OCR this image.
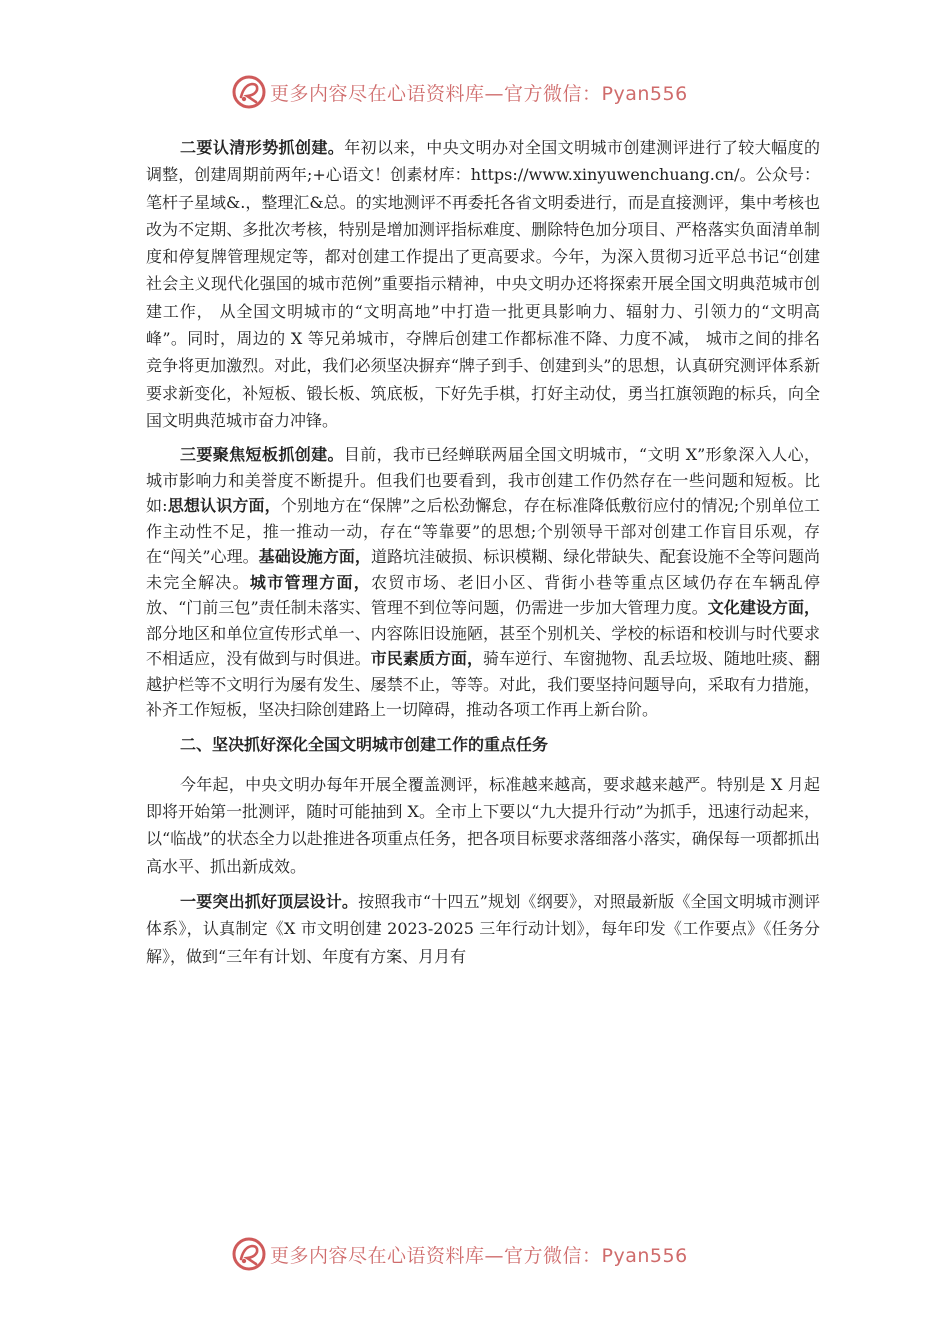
更多内容尽在心语资料库—官方微信：Pyan556

二要认清形势抓创建。年初以来，中央文明办对全国文明城市创建测评进行了较大幅度的调整，创建周期前两年;+心语文！创素材库：https://www.xinyuwenchuang.cn/。公众号：笔杆子星域&.，整理汇&总。的实地测评不再委托各省文明委进行，而是直接测评，集中考核也改为不定期、多批次考核，特别是增加测评指标难度、删除特色加分项目、严格落实负面清单制度和停复牌管理规定等，都对创建工作提出了更高要求。今年，为深入贯彻习近平总书记“创建社会主义现代化强国的城市范例”重要指示精神，中央文明办还将探索开展全国文明典范城市创建工作， 从全国文明城市的“文明高地”中打造一批更具影响力、辐射力、引领力的“文明高峰”。同时，周边的 X 等兄弟城市，夺牌后创建工作都标准不降、力度不减， 城市之间的排名竞争将更加激烈。对此，我们必须坚决摒弃“牌子到手、创建到头”的思想，认真研究测评体系新要求新变化，补短板、锻长板、筑底板，下好先手棋，打好主动仗，勇当扛旗领跑的标兵，向全国文明典范城市奋力冲锋。

三要聚焦短板抓创建。目前，我市已经蝉联两届全国文明城市，“文明 X”形象深入人心，城市影响力和美誉度不断提升。但我们也要看到，我市创建工作仍然存在一些问题和短板。比如:思想认识方面，个别地方在“保牌”之后松劲懈怠，存在标准降低敷衍应付的情况;个别单位工作主动性不足，推一推动一动，存在“等靠要”的思想;个别领导干部对创建工作盲目乐观，存在“闯关”心理。基础设施方面，道路坑洼破损、标识模糊、绿化带缺失、配套设施不全等问题尚未完全解决。城市管理方面，农贸市场、老旧小区、背街小巷等重点区域仍存在车辆乱停放、“门前三包”责任制未落实、管理不到位等问题，仍需进一步加大管理力度。文化建设方面，部分地区和单位宣传形式单一、内容陈旧设施陋，甚至个别机关、学校的标语和校训与时代要求不相适应，没有做到与时俱进。市民素质方面，骑车逆行、车窗抛物、乱丢垃圾、随地吐痰、翻越护栏等不文明行为屡有发生、屡禁不止，等等。对此，我们要坚持问题导向，采取有力措施，补齐工作短板，坚决扫除创建路上一切障碍，推动各项工作再上新台阶。

二、坚决抓好深化全国文明城市创建工作的重点任务

今年起，中央文明办每年开展全覆盖测评，标准越来越高，要求越来越严。特别是 X 月起即将开始第一批测评，随时可能抽到 X。全市上下要以“九大提升行动”为抓手，迅速行动起来，以“临战”的状态全力以赴推进各项重点任务，把各项目标要求落细落小落实，确保每一项都抓出高水平、抓出新成效。

一要突出抓好顶层设计。按照我市“十四五”规划《纲要》，对照最新版《全国文明城市测评体系》，认真制定《X 市文明创建 2023-2025 三年行动计划》，每年印发《工作要点》《任务分解》，做到“三年有计划、年度有方案、月月有

更多内容尽在心语资料库—官方微信：Pyan556
